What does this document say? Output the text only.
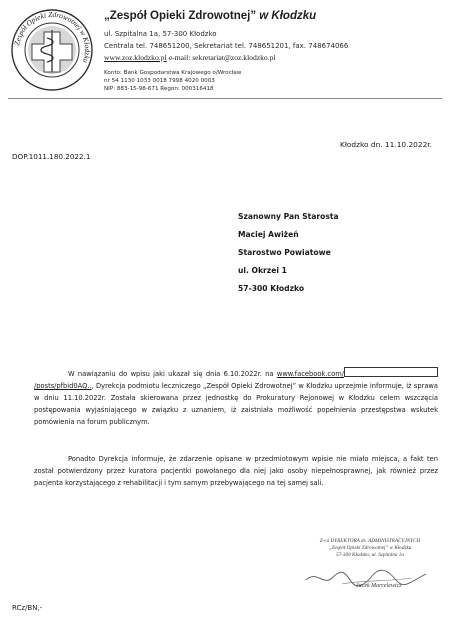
Zespół Opieki Zdrowotnej w Kłodzku
„Zespół Opieki Zdrowotnej” w Kłodzku
ul. Szpitalna 1a, 57-300 Kłodzko
Centrala tel. 748651200, Sekretariat tel. 748651201, fax. 748674066
www.zoz.klodzko.pl e-mail: sekretariat@zoz.klodzko.pl
Konto: Bank Gospodarstwa Krajowego o/Wrocław
nr 54 1130 1033 0018 7998 4020 0003
NIP: 883-15-98-671 Regon: 000316418
Kłodzko dn. 11.10.2022r.
DOP.1011.180.2022.1
Szanowny Pan Starosta
Maciej Awiżeń
Starostwo Powiatowe
ul. Okrzei 1
57-300 Kłodzko

W nawiązaniu do wpisu jaki ukazał się dnia 6.10.2022r. na www.facebook.com//posts/pfbid0AQ.., Dyrekcja podmiotu leczniczego „Zespół Opieki Zdrowotnej” w Kłodzku uprzejmie informuje, iż sprawa w dniu 11.10.2022r. Została skierowana przez jednostkę do Prokuratury Rejonowej w Kłodzku celem wszczęcia postępowania wyjaśniającego w związku z uznaniem, iż zaistniała możliwość popełnienia przestępstwa wskutek pomówienia na forum publicznym.

Ponadto Dyrekcja informuje, że zdarzenie opisane w przedmiotowym wpisie nie miało miejsca, a fakt ten został potwierdzony przez kuratora pacjentki powołanego dla niej jako osoby niepełnosprawnej, jak również przez pacjenta korzystającego z rehabilitacji i tym samym przebywającego na tej samej sali.

Z-ca DYREKTORA ds. ADMINISTRACYJNYCH
„Zespół Opieki Zdrowotnej” w Kłodzku
57-300 Kłodzko, ul. Szpitalna 1a
Jacek Marcelewicz
RCz/BN,-
